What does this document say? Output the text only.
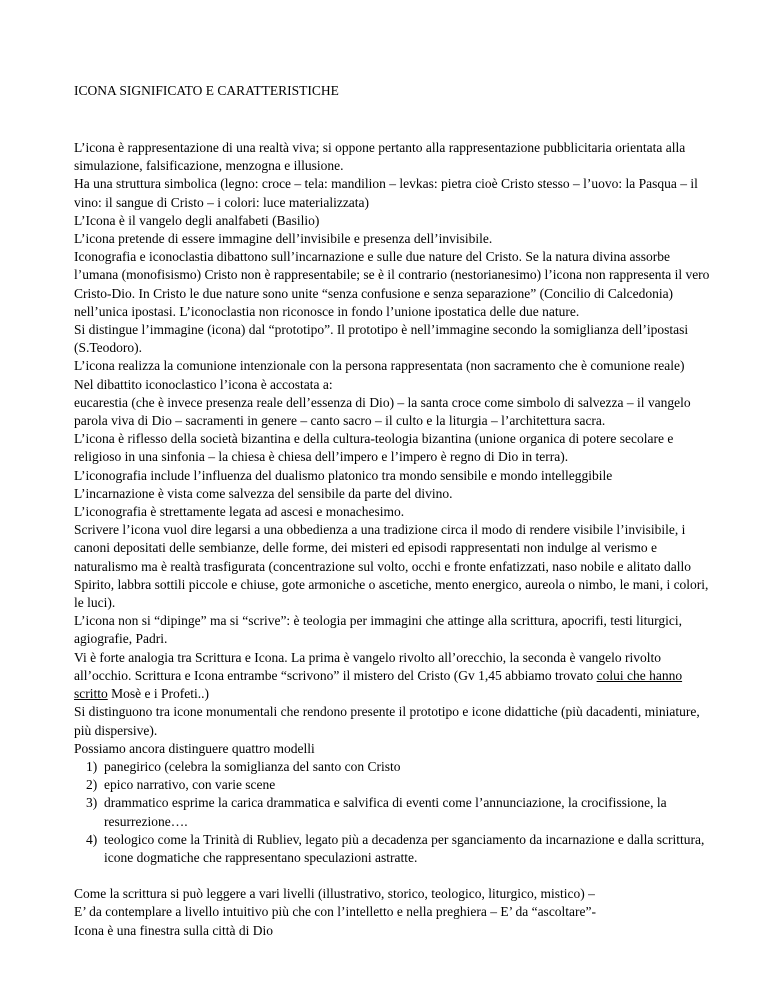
ICONA SIGNIFICATO E CARATTERISTICHE

L’icona è rappresentazione di una realtà viva; si oppone pertanto alla rappresentazione pubblicitaria orientata alla simulazione, falsificazione, menzogna e illusione.

Ha una struttura simbolica (legno: croce – tela: mandilion – levkas: pietra cioè Cristo stesso – l’uovo: la Pasqua – il vino: il sangue di Cristo – i colori: luce materializzata)

L’Icona è il vangelo degli analfabeti (Basilio)

L’icona pretende di essere immagine dell’invisibile e presenza dell’invisibile.

Iconografia e iconoclastia dibattono sull’incarnazione e sulle due nature del Cristo. Se la natura divina assorbe l’umana (monofisismo) Cristo non è rappresentabile; se è il contrario (nestorianesimo) l’icona non rappresenta il vero Cristo-Dio. In Cristo le due nature sono unite “senza confusione e senza separazione” (Concilio di Calcedonia) nell’unica ipostasi. L’iconoclastia non riconosce in fondo l’unione ipostatica delle due nature.

Si distingue l’immagine (icona) dal “prototipo”. Il prototipo è nell’immagine secondo la somiglianza dell’ipostasi (S.Teodoro).

L’icona realizza la comunione intenzionale con la persona rappresentata (non sacramento che è comunione reale)

Nel dibattito iconoclastico l’icona è accostata a:

eucarestia (che è invece presenza reale dell’essenza di Dio) – la santa croce come simbolo di salvezza – il vangelo parola viva di Dio – sacramenti in genere – canto sacro – il culto e la liturgia – l’architettura sacra.

L’icona è riflesso della società bizantina e della cultura-teologia bizantina (unione organica di potere secolare e religioso in una sinfonia – la chiesa è chiesa dell’impero e l’impero è regno di Dio in terra).

L’iconografia include l’influenza del dualismo platonico tra mondo sensibile e mondo intelleggibile

L’incarnazione è vista come salvezza del sensibile da parte del divino.

L’iconografia è strettamente legata ad ascesi e monachesimo.

Scrivere l’icona vuol dire legarsi a una obbedienza a una tradizione circa il modo di rendere visibile l’invisibile, i canoni depositati delle sembianze, delle forme, dei misteri ed episodi rappresentati non indulge al verismo e naturalismo ma è realtà trasfigurata (concentrazione sul volto, occhi e fronte enfatizzati, naso nobile e alitato dallo Spirito, labbra sottili piccole e chiuse, gote armoniche o ascetiche, mento energico, aureola o nimbo, le mani, i colori, le luci).

L’icona non si “dipinge” ma si “scrive”: è teologia per immagini che attinge alla scrittura, apocrifi, testi liturgici, agiografie, Padri.

Vi è forte analogia tra Scrittura e Icona. La prima è vangelo rivolto all’orecchio, la seconda è vangelo rivolto all’occhio. Scrittura e Icona entrambe “scrivono” il mistero del Cristo (Gv 1,45 abbiamo trovato colui che hanno scritto Mosè e i Profeti..)

Si distinguono tra icone monumentali che rendono presente il prototipo e icone didattiche (più dacadenti, miniature, più dispersive).

Possiamo ancora distinguere quattro modelli

1) panegirico (celebra la somiglianza del santo con Cristo
2) epico narrativo, con varie scene
3) drammatico esprime la carica drammatica e salvifica di eventi come l’annunciazione, la crocifissione, la resurrezione….
4) teologico come la Trinità di Rubliev, legato più a decadenza per sganciamento da incarnazione e dalla scrittura, icone dogmatiche che rappresentano speculazioni astratte.

Come la scrittura si può leggere a vari livelli (illustrativo, storico, teologico, liturgico, mistico) –

E’ da contemplare a livello intuitivo più che con l’intelletto e nella preghiera – E’ da “ascoltare”-

Icona è una finestra sulla città di Dio
